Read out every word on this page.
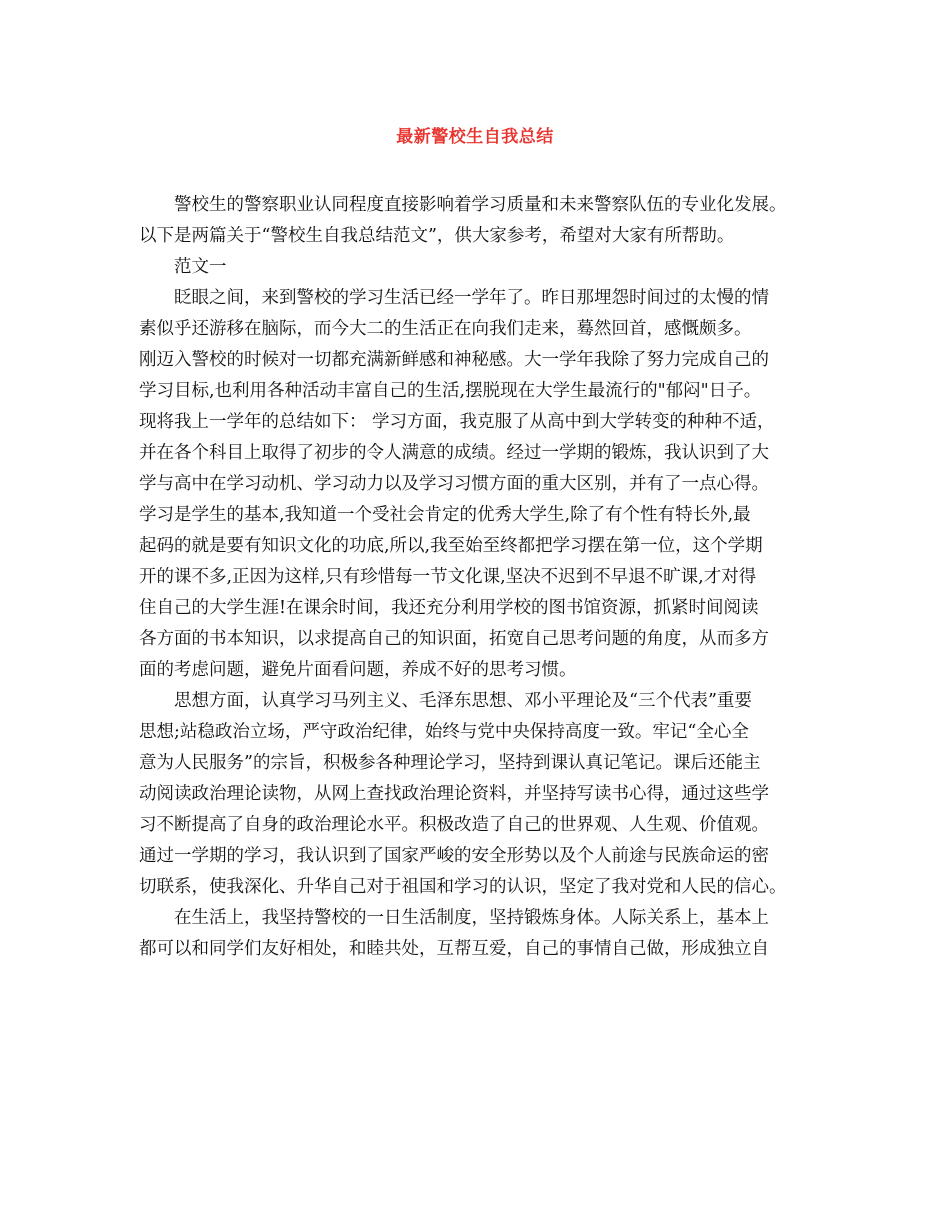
最新警校生自我总结
警校生的警察职业认同程度直接影响着学习质量和未来警察队伍的专业化发展。
以下是两篇关于“警校生自我总结范文”，供大家参考，希望对大家有所帮助。
范文一
眨眼之间，来到警校的学习生活已经一学年了。昨日那埋怨时间过的太慢的情
素似乎还游移在脑际，而今大二的生活正在向我们走来，蓦然回首，感慨颇多。
刚迈入警校的时候对一切都充满新鲜感和神秘感。大一学年我除了努力完成自己的
学习目标,也利用各种活动丰富自己的生活,摆脱现在大学生最流行的"郁闷"日子。
现将我上一学年的总结如下： 学习方面，我克服了从高中到大学转变的种种不适，
并在各个科目上取得了初步的令人满意的成绩。经过一学期的锻炼，我认识到了大
学与高中在学习动机、学习动力以及学习习惯方面的重大区别，并有了一点心得。
学习是学生的基本,我知道一个受社会肯定的优秀大学生,除了有个性有特长外,最
起码的就是要有知识文化的功底,所以,我至始至终都把学习摆在第一位，这个学期
开的课不多,正因为这样,只有珍惜每一节文化课,坚决不迟到不早退不旷课,才对得
住自己的大学生涯!在课余时间，我还充分利用学校的图书馆资源，抓紧时间阅读
各方面的书本知识，以求提高自己的知识面，拓宽自己思考问题的角度，从而多方
面的考虑问题，避免片面看问题，养成不好的思考习惯。
思想方面，认真学习马列主义、毛泽东思想、邓小平理论及“三个代表”重要
思想;站稳政治立场，严守政治纪律，始终与党中央保持高度一致。牢记“全心全
意为人民服务”的宗旨，积极参各种理论学习，坚持到课认真记笔记。课后还能主
动阅读政治理论读物，从网上查找政治理论资料，并坚持写读书心得，通过这些学
习不断提高了自身的政治理论水平。积极改造了自己的世界观、人生观、价值观。
通过一学期的学习，我认识到了国家严峻的安全形势以及个人前途与民族命运的密
切联系，使我深化、升华自己对于祖国和学习的认识，坚定了我对党和人民的信心。
在生活上，我坚持警校的一日生活制度，坚持锻炼身体。人际关系上，基本上
都可以和同学们友好相处，和睦共处，互帮互爱，自己的事情自己做，形成独立自
